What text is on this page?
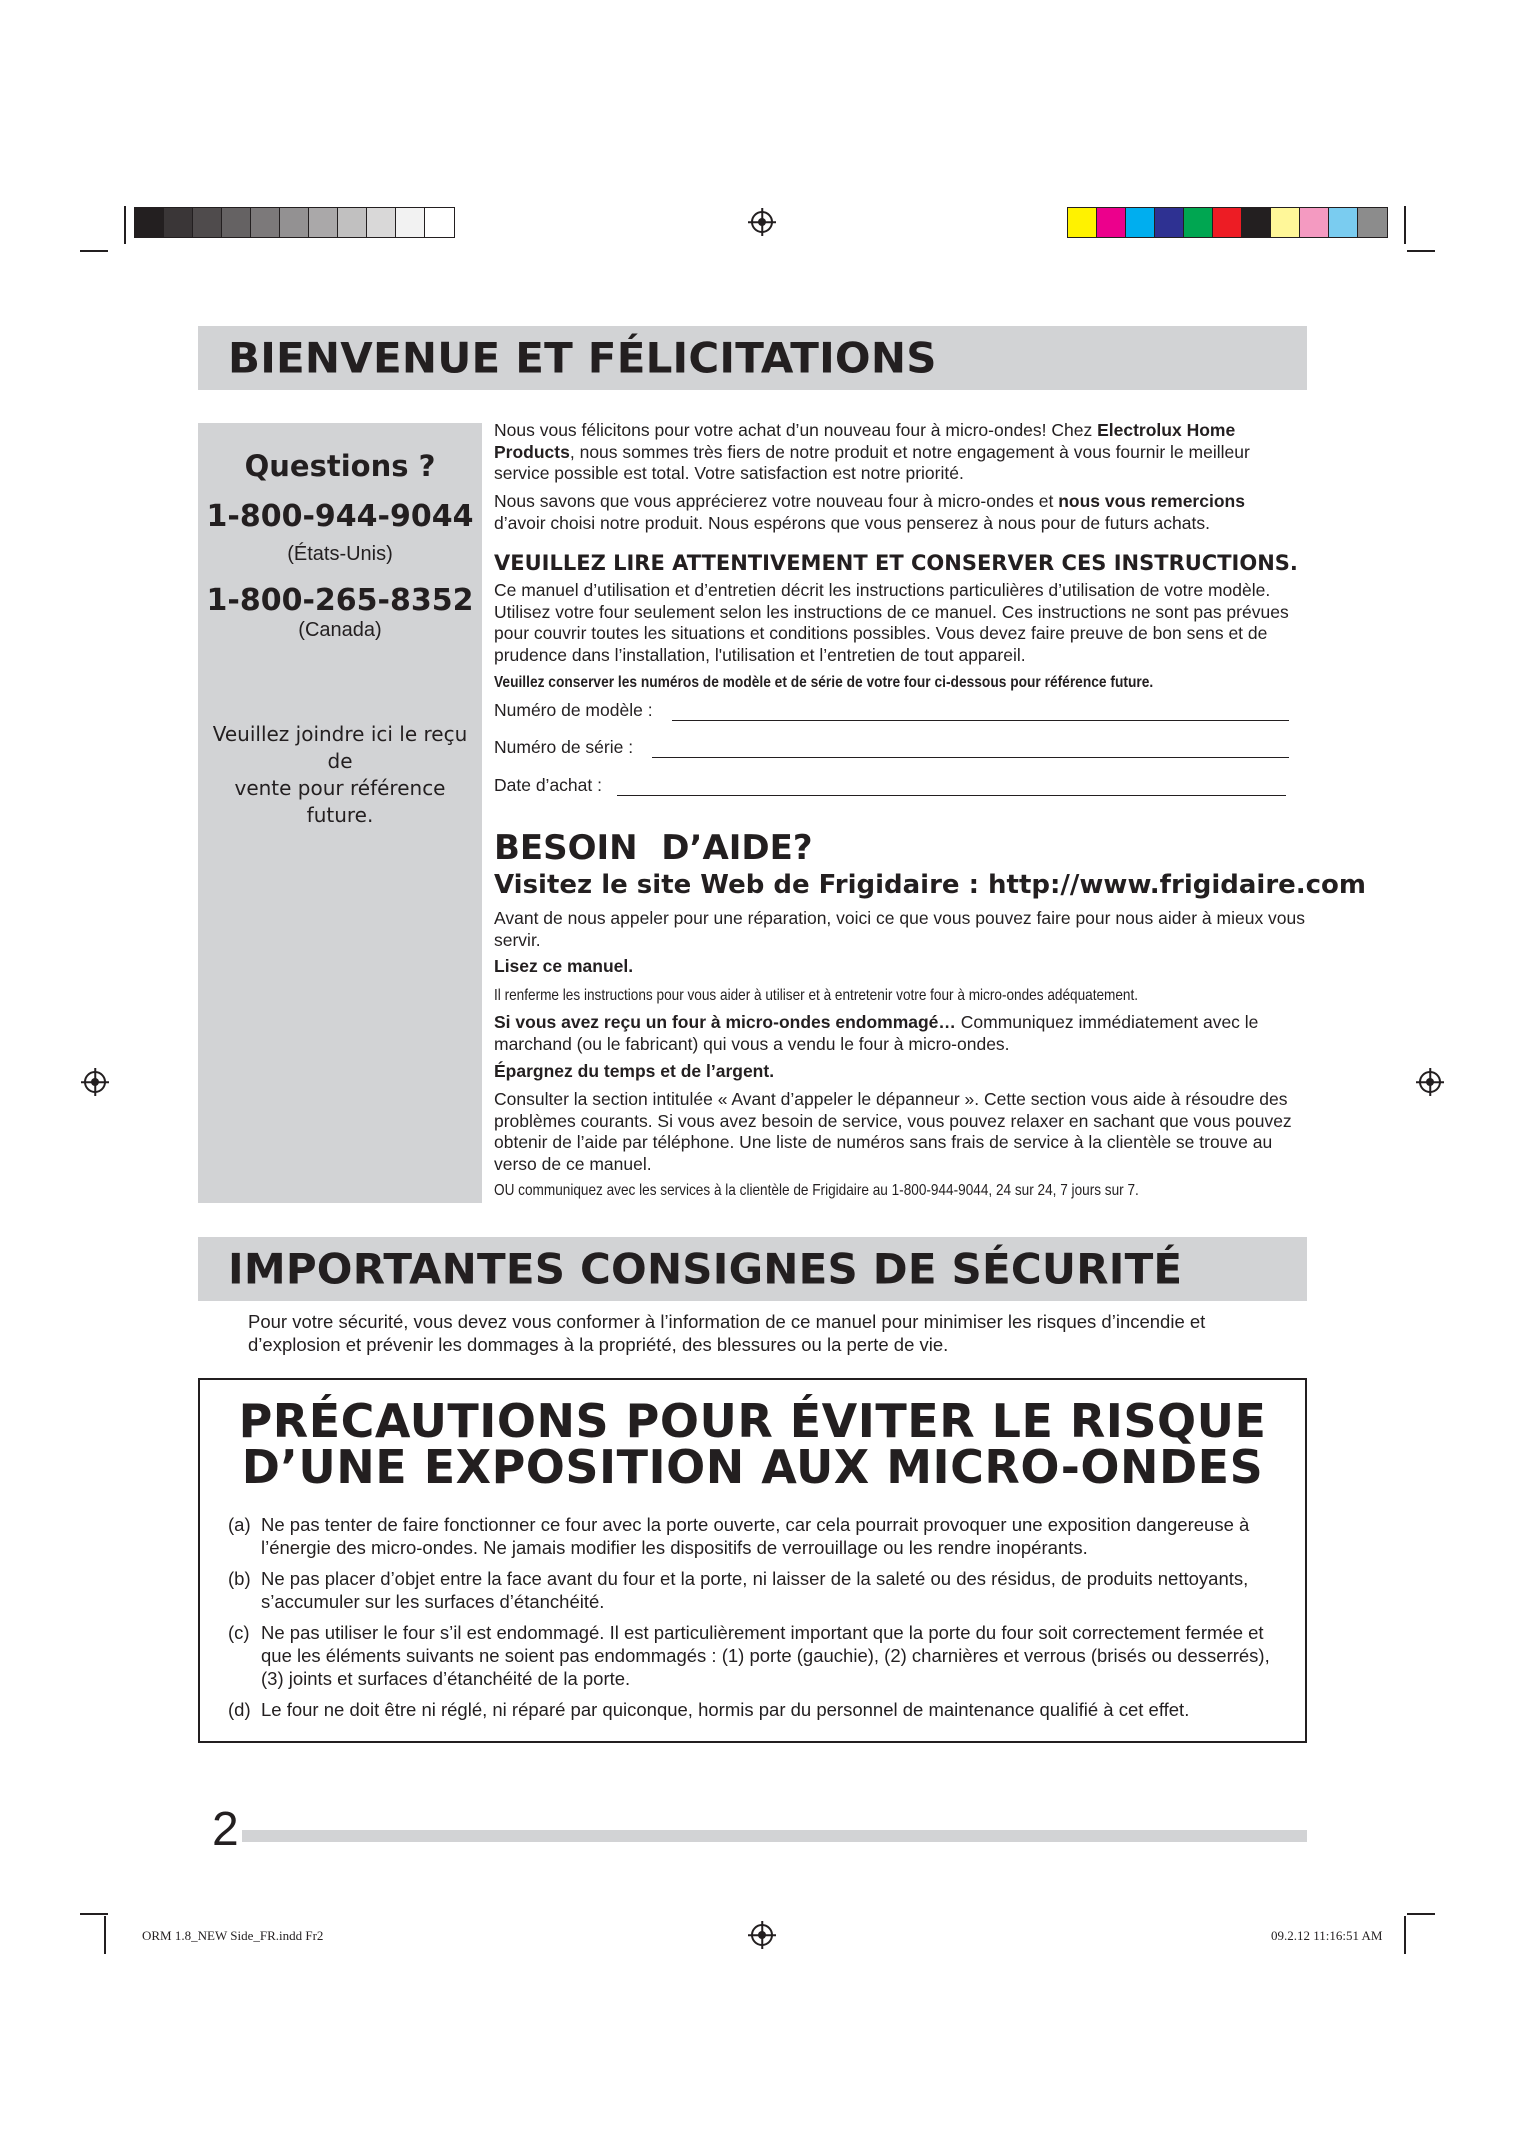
BIENVENUE ET FÉLICITATIONS
Questions ?
1-800-944-9044
(États-Unis)
1-800-265-8352
(Canada)
Veuillez joindre ici le reçu de
vente pour référence future.
Nous vous félicitons pour votre achat d’un nouveau four à micro-ondes! Chez Electrolux Home Products, nous sommes très fiers de notre produit et notre engagement à vous fournir le meilleur service possible est total. Votre satisfaction est notre priorité.
Nous savons que vous apprécierez votre nouveau four à micro-ondes et nous vous remercions d’avoir choisi notre produit. Nous espérons que vous penserez à nous pour de futurs achats.
VEUILLEZ LIRE ATTENTIVEMENT ET CONSERVER CES INSTRUCTIONS.
Ce manuel d’utilisation et d’entretien décrit les instructions particulières d’utilisation de votre modèle. Utilisez votre four seulement selon les instructions de ce manuel. Ces instructions ne sont pas prévues pour couvrir toutes les situations et conditions possibles. Vous devez faire preuve de bon sens et de prudence dans l’installation, l'utilisation et l’entretien de tout appareil.
Veuillez conserver les numéros de modèle et de série de votre four ci-dessous pour référence future.
Numéro de modèle :
Numéro de série :
Date d’achat :
BESOIN  D’AIDE?
Visitez le site Web de Frigidaire : http://www.frigidaire.com
Avant de nous appeler pour une réparation, voici ce que vous pouvez faire pour nous aider à mieux vous servir.
Lisez ce manuel.
Il renferme les instructions pour vous aider à utiliser et à entretenir votre four à micro-ondes adéquatement.
Si vous avez reçu un four à micro-ondes endommagé… Communiquez immédiatement avec le marchand (ou le fabricant) qui vous a vendu le four à micro-ondes.
Épargnez du temps et de l’argent.
Consulter la section intitulée « Avant d’appeler le dépanneur ». Cette section vous aide à résoudre des problèmes courants. Si vous avez besoin de service, vous pouvez relaxer en sachant que vous pouvez obtenir de l’aide par téléphone. Une liste de numéros sans frais de service à la clientèle se trouve au verso de ce manuel.
OU communiquez avec les services à la clientèle de Frigidaire au 1-800-944-9044, 24 sur 24, 7 jours sur 7.
IMPORTANTES CONSIGNES DE SÉCURITÉ
Pour votre sécurité, vous devez vous conformer à l’information de ce manuel pour minimiser les risques d’incendie et d’explosion et prévenir les dommages à la propriété, des blessures ou la perte de vie.
PRÉCAUTIONS POUR ÉVITER LE RISQUE
D’UNE EXPOSITION AUX MICRO-ONDES
(a) Ne pas tenter de faire fonctionner ce four avec la porte ouverte, car cela pourrait provoquer une exposition dangereuse à l’énergie des micro-ondes. Ne jamais modifier les dispositifs de verrouillage ou les rendre inopérants.
(b) Ne pas placer d’objet entre la face avant du four et la porte, ni laisser de la saleté ou des résidus, de produits nettoyants, s’accumuler sur les surfaces d’étanchéité.
(c) Ne pas utiliser le four s’il est endommagé. Il est particulièrement important que la porte du four soit correctement fermée et que les éléments suivants ne soient pas endommagés : (1) porte (gauchie), (2) charnières et verrous (brisés ou desserrés), (3) joints et surfaces d’étanchéité de la porte.
(d) Le four ne doit être ni réglé, ni réparé par quiconque, hormis par du personnel de maintenance qualifié à cet effet.
2
ORM 1.8_NEW Side_FR.indd Fr2	09.2.12 11:16:51 AM
